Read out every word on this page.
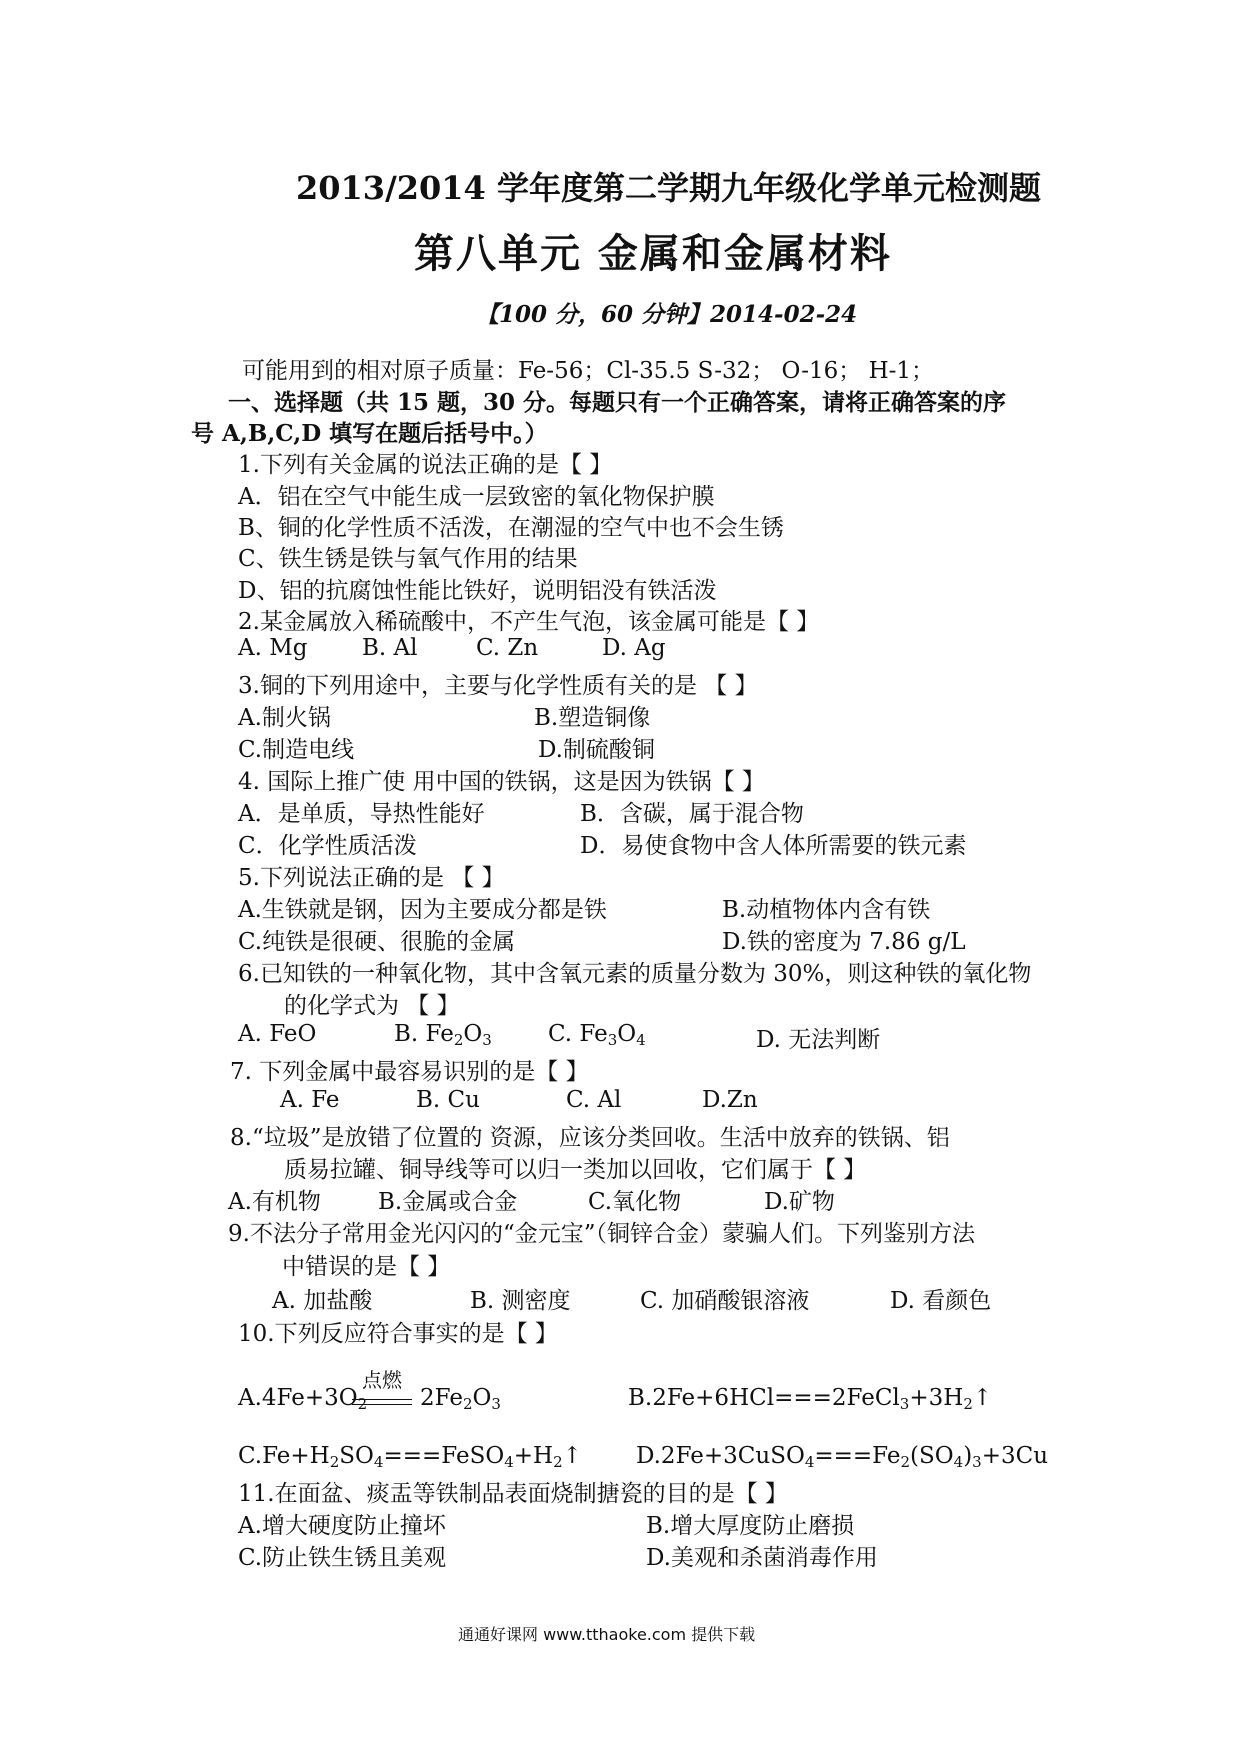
2013/2014 学年度第二学期九年级化学单元检测题
第八单元 金属和金属材料
【100 分，60 分钟】2014-02-24
可能用到的相对原子质量：Fe-56；Cl-35.5 S-32； O-16； H-1；
一、选择题（共 15 题，30 分。每题只有一个正确答案，请将正确答案的序
号 A,B,C,D 填写在题后括号中。）
1.下列有关金属的说法正确的是【 】
A．铝在空气中能生成一层致密的氧化物保护膜
B、铜的化学性质不活泼，在潮湿的空气中也不会生锈
C、铁生锈是铁与氧气作用的结果
D、铝的抗腐蚀性能比铁好，说明铝没有铁活泼
2.某金属放入稀硫酸中，不产生气泡，该金属可能是【 】
A. Mg B. Al	C. Zn	D. Ag
3.铜的下列用途中，主要与化学性质有关的是 【 】
A.制火锅	B.塑造铜像
C.制造电线	D.制硫酸铜
4. 国际上推广使 用中国的铁锅，这是因为铁锅【 】
A．是单质，导热性能好	B．含碳，属于混合物
C．化学性质活泼	D．易使食物中含人体所需要的铁元素
5.下列说法正确的是 【 】
A.生铁就是钢，因为主要成分都是铁	B.动植物体内含有铁
C.纯铁是很硬、很脆的金属	D.铁的密度为 7.86 g/L
6.已知铁的一种氧化物，其中含氧元素的质量分数为 30%，则这种铁的氧化物
的化学式为 【 】
A. FeO	B. $Fe_2O_3$ C. $Fe_3O_4$	D. 无法判断
7. 下列金属中最容易识别的是【 】
A. Fe	B. Cu	C. Al	D.Zn
8.“垃圾”是放错了位置的 资源，应该分类回收。生活中放弃的铁锅、铝
质易拉罐、铜导线等可以归一类加以回收，它们属于【 】
A.有机物 B.金属或合金	C.氧化物	D.矿物
9.不法分子常用金光闪闪的“金元宝”（铜锌合金）蒙骗人们。下列鉴别方法
中错误的是【 】
A. 加盐酸	B. 测密度	C. 加硝酸银溶液	D. 看颜色
10.下列反应符合事实的是【 】
点燃
$A.4Fe+3O_2$ $2Fe_2O_3$	$B.2Fe+6HCl===2FeCl_3+3H_2↑$
$C.Fe+H_2SO_4===FeSO_4+H_2↑$ $D.2Fe+3CuSO_4===Fe_2(SO_4)_3+3Cu$
11.在面盆、痰盂等铁制品表面烧制搪瓷的目的是【 】
A.增大硬度防止撞坏	B.增大厚度防止磨损
C.防止铁生锈且美观	D.美观和杀菌消毒作用
通通好课网 www.tthaoke.com 提供下载
